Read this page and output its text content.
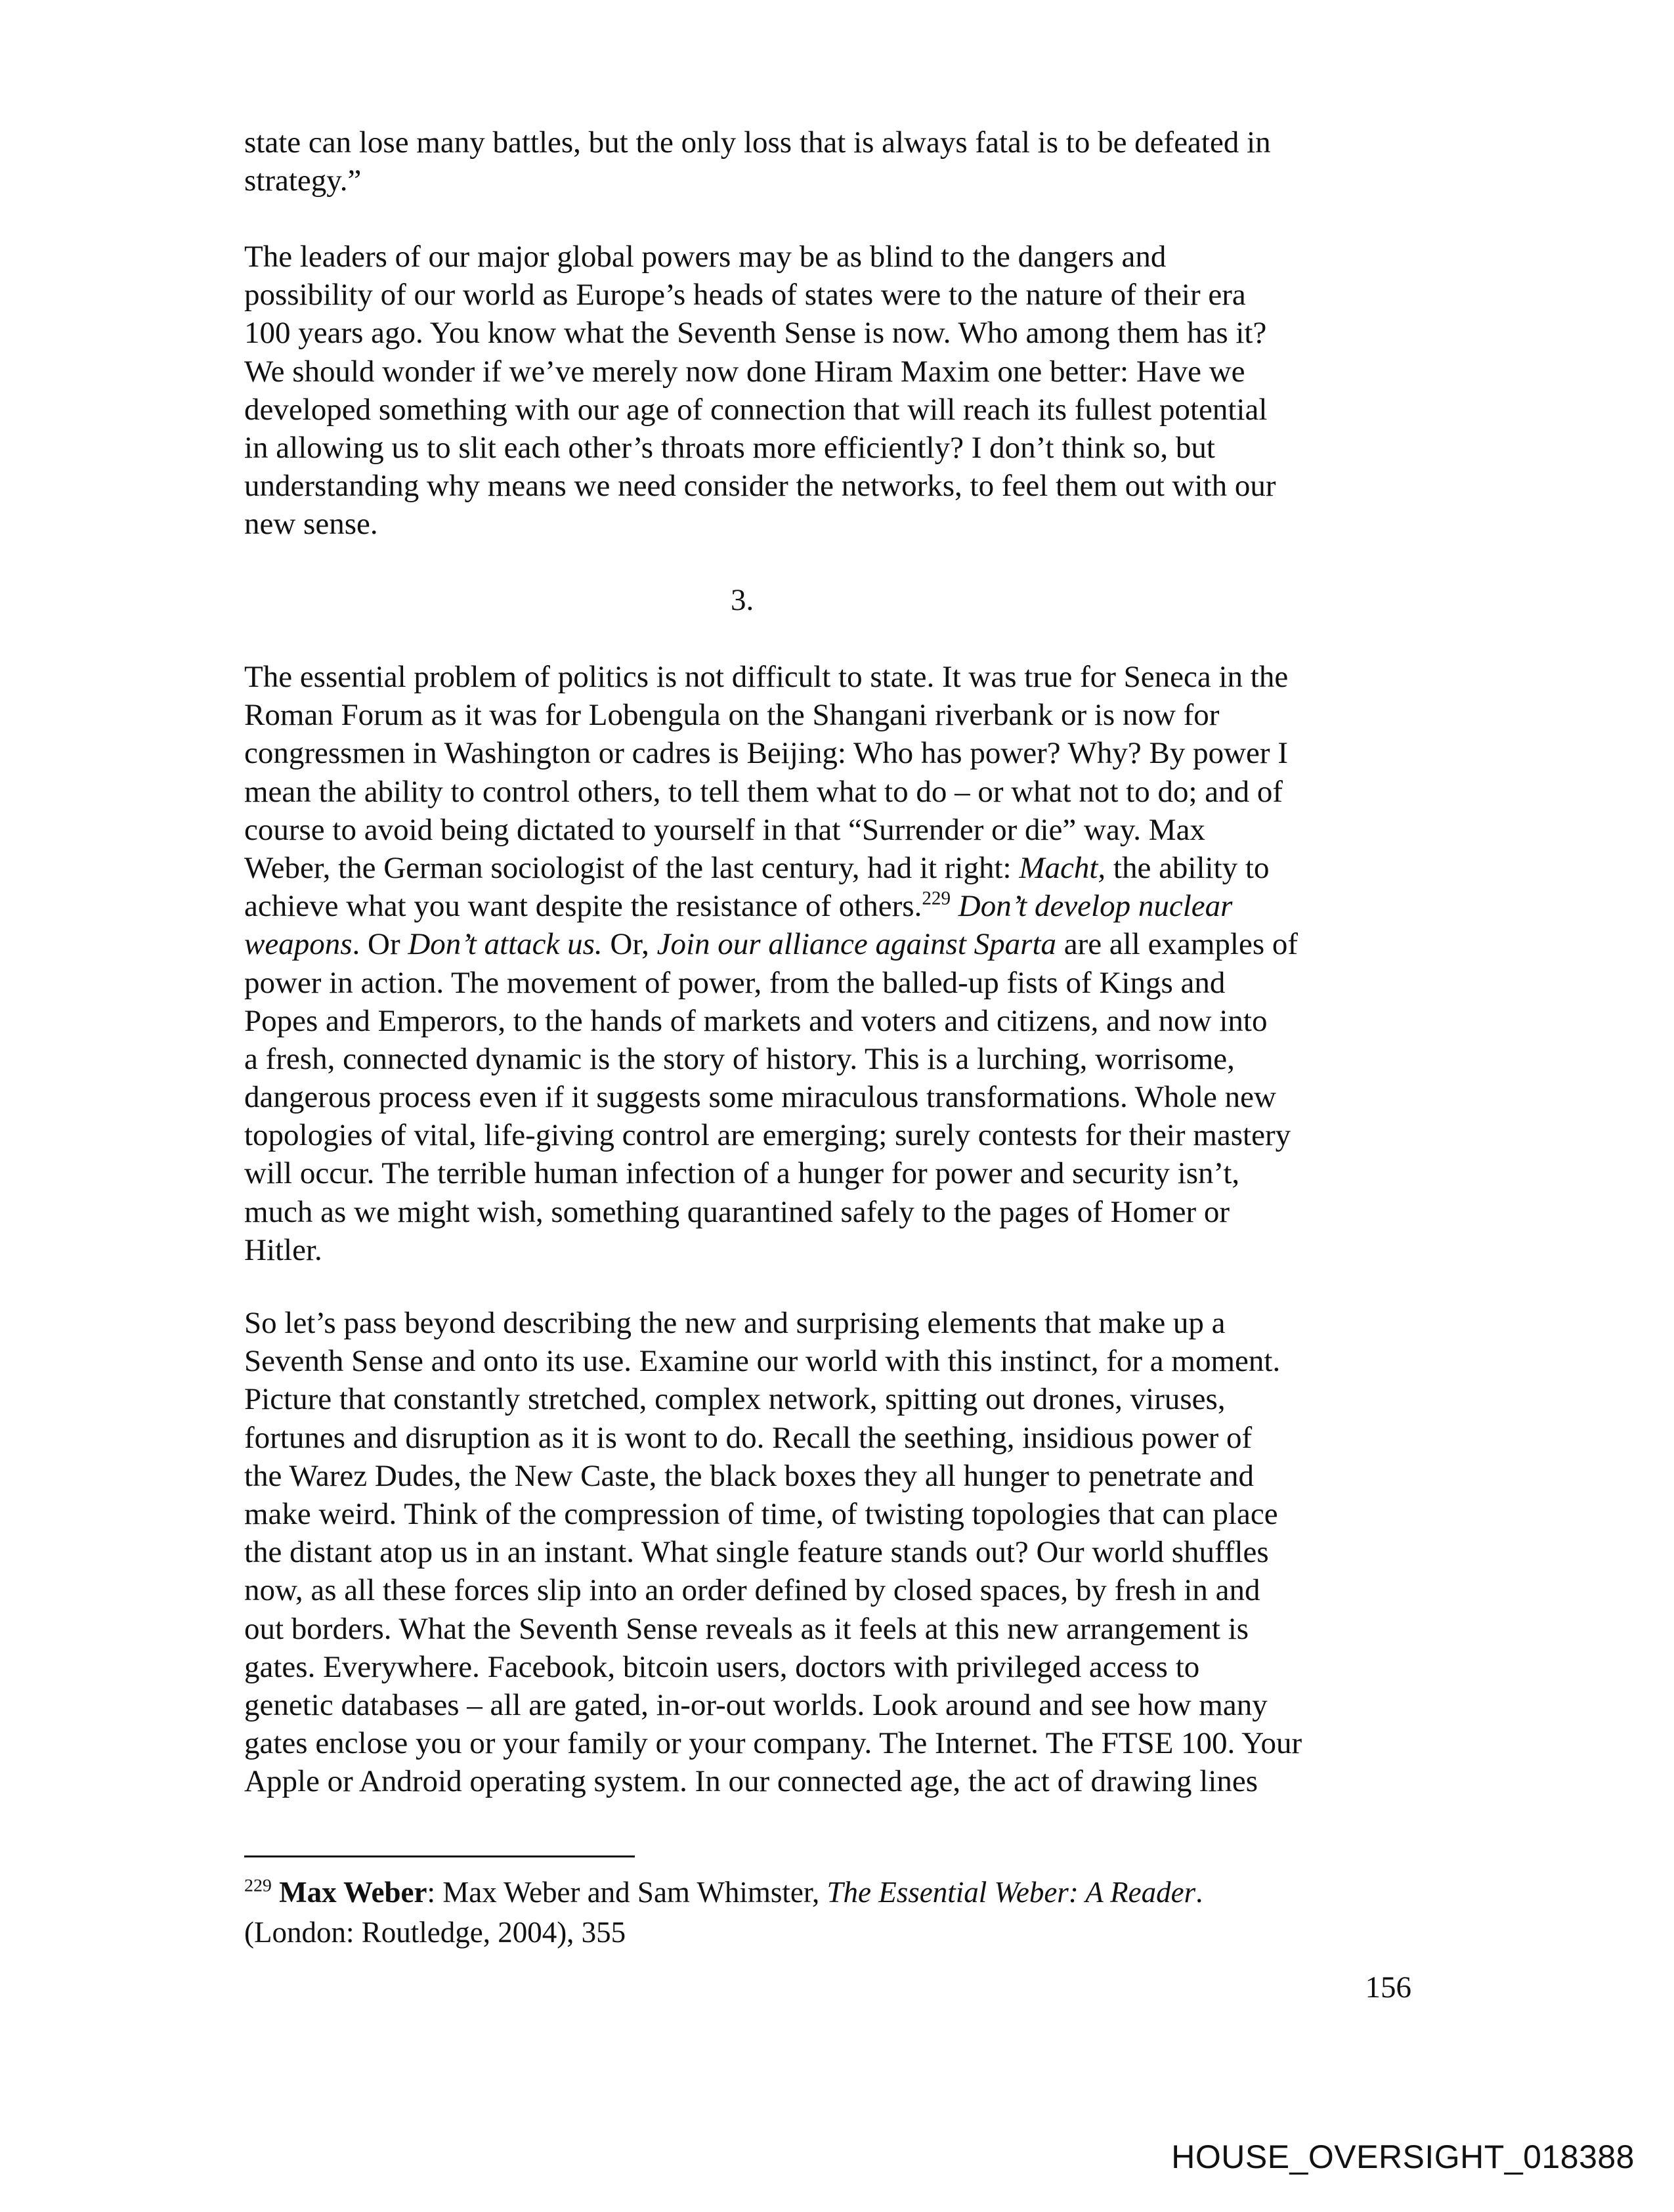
state can lose many battles, but the only loss that is always fatal is to be defeated in
strategy.”
The leaders of our major global powers may be as blind to the dangers and
possibility of our world as Europe’s heads of states were to the nature of their era
100 years ago. You know what the Seventh Sense is now. Who among them has it?
We should wonder if we’ve merely now done Hiram Maxim one better: Have we
developed something with our age of connection that will reach its fullest potential
in allowing us to slit each other’s throats more efficiently? I don’t think so, but
understanding why means we need consider the networks, to feel them out with our
new sense.
3.
The essential problem of politics is not difficult to state. It was true for Seneca in the
Roman Forum as it was for Lobengula on the Shangani riverbank or is now for
congressmen in Washington or cadres is Beijing: Who has power? Why? By power I
mean the ability to control others, to tell them what to do – or what not to do; and of
course to avoid being dictated to yourself in that “Surrender or die” way. Max
Weber, the German sociologist of the last century, had it right: Macht, the ability to
achieve what you want despite the resistance of others.$^{229}$ Don’t develop nuclear
weapons. Or Don’t attack us. Or, Join our alliance against Sparta are all examples of
power in action. The movement of power, from the balled-up fists of Kings and
Popes and Emperors, to the hands of markets and voters and citizens, and now into
a fresh, connected dynamic is the story of history. This is a lurching, worrisome,
dangerous process even if it suggests some miraculous transformations. Whole new
topologies of vital, life-giving control are emerging; surely contests for their mastery
will occur. The terrible human infection of a hunger for power and security isn’t,
much as we might wish, something quarantined safely to the pages of Homer or
Hitler.
So let’s pass beyond describing the new and surprising elements that make up a
Seventh Sense and onto its use. Examine our world with this instinct, for a moment.
Picture that constantly stretched, complex network, spitting out drones, viruses,
fortunes and disruption as it is wont to do. Recall the seething, insidious power of
the Warez Dudes, the New Caste, the black boxes they all hunger to penetrate and
make weird. Think of the compression of time, of twisting topologies that can place
the distant atop us in an instant. What single feature stands out? Our world shuffles
now, as all these forces slip into an order defined by closed spaces, by fresh in and
out borders. What the Seventh Sense reveals as it feels at this new arrangement is
gates. Everywhere. Facebook, bitcoin users, doctors with privileged access to
genetic databases – all are gated, in-or-out worlds. Look around and see how many
gates enclose you or your family or your company. The Internet. The FTSE 100. Your
Apple or Android operating system. In our connected age, the act of drawing lines
$^{229}$ Max Weber: Max Weber and Sam Whimster, The Essential Weber: A Reader.
(London: Routledge, 2004), 355
156
HOUSE_OVERSIGHT_018388
